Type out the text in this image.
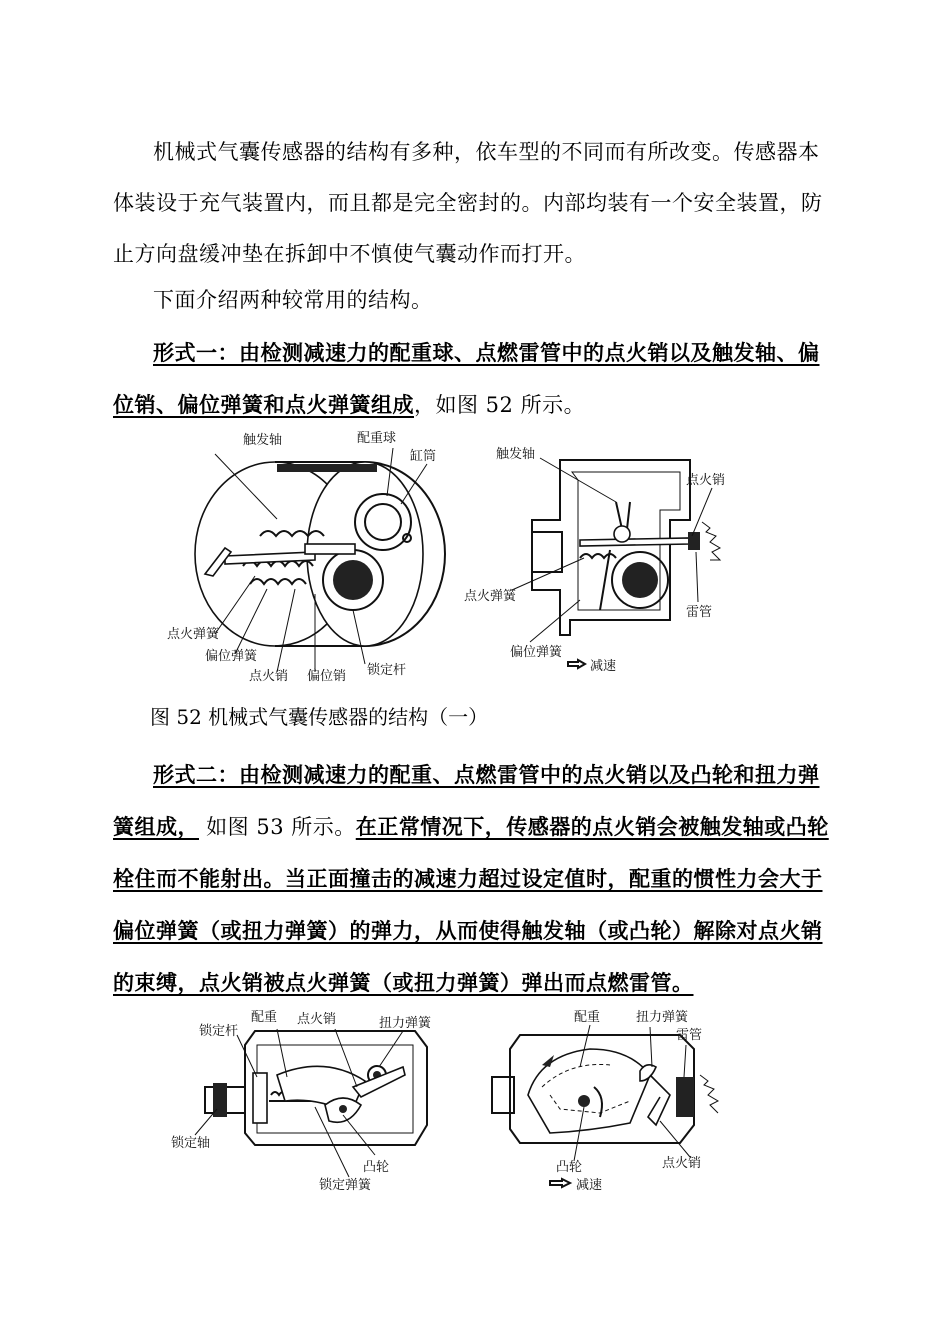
机械式气囊传感器的结构有多种，依车型的不同而有所改变。传感器本体装设于充气装置内，而且都是完全密封的。内部均装有一个安全装置，防止方向盘缓冲垫在拆卸中不慎使气囊动作而打开。

下面介绍两种较常用的结构。

形式一：由检测减速力的配重球、点燃雷管中的点火销以及触发轴、偏位销、偏位弹簧和点火弹簧组成，如图 52 所示。

触发轴	配重球
缸筒
点火弹簧
偏位弹簧
点火销 偏位销 锁定杆
触发轴
点火销
点火弹簧
雷管
偏位弹簧
减速
图 52 机械式气囊传感器的结构（一）

形式二：由检测减速力的配重、点燃雷管中的点火销以及凸轮和扭力弹簧组成， 如图 53 所示。在正常情况下，传感器的点火销会被触发轴或凸轮栓住而不能射出。当正面撞击的减速力超过设定值时，配重的惯性力会大于偏位弹簧（或扭力弹簧）的弹力，从而使得触发轴（或凸轮）解除对点火销的束缚，点火销被点火弹簧（或扭力弹簧）弹出而点燃雷管。

锁定杆
配重 点火销	扭力弹簧
锁定轴
凸轮
锁定弹簧
配重	扭力弹簧
雷管
凸轮	点火销
减速
